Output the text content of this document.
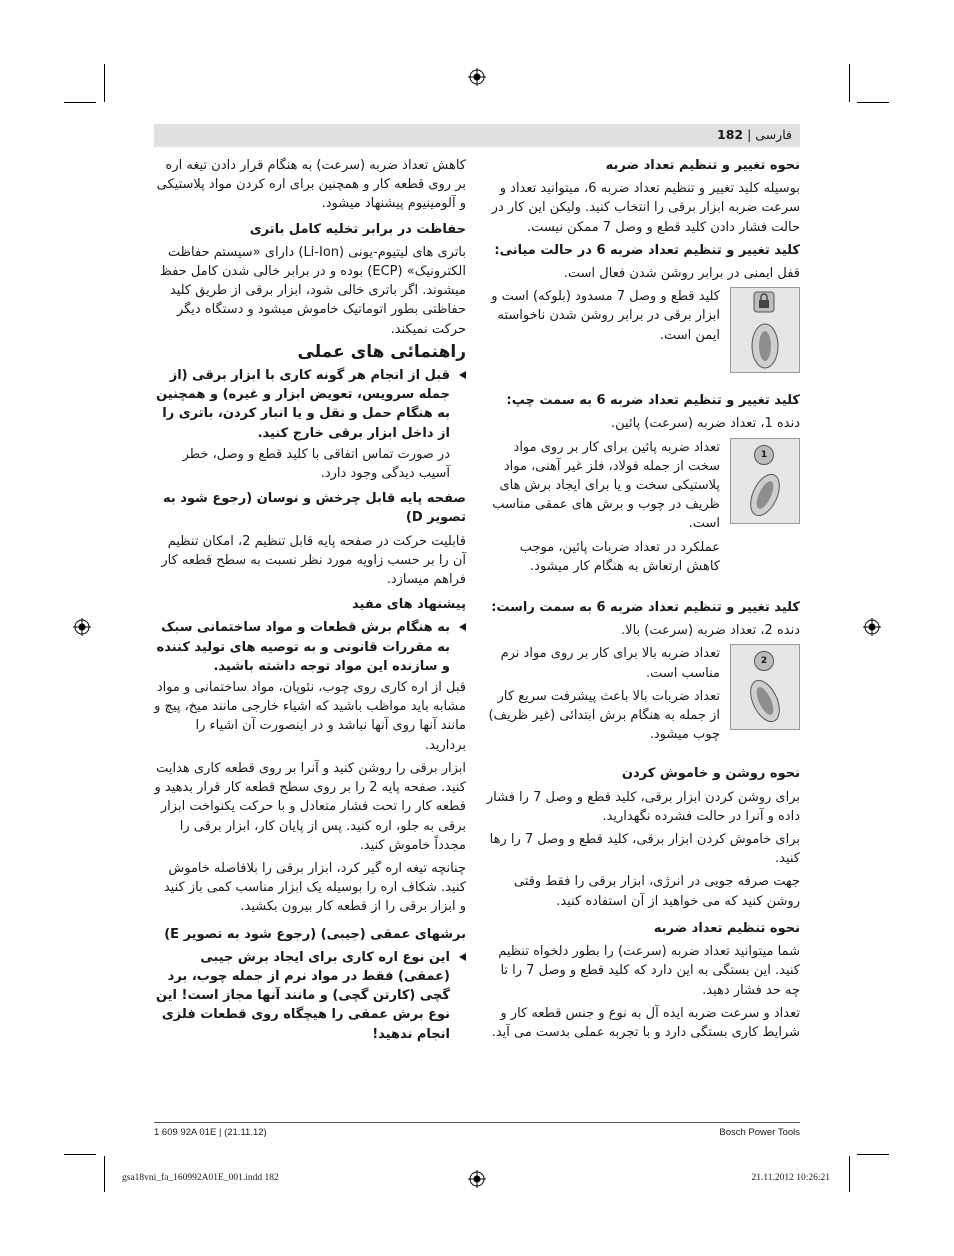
فارسی | 182

نحوه تغییر و تنظیم تعداد ضربه

بوسیله کلید تغییر و تنظیم تعداد ضربه 6، میتوانید تعداد و سرعت ضربه ابزار برقی را انتخاب کنید. ولیکن این کار در حالت فشار دادن کلید قطع و وصل 7 ممکن نیست.

کلید تغییر و تنظیم تعداد ضربه 6 در حالت میانی:

قفل ایمنی در برابر روشن شدن فعال است.

کلید قطع و وصل 7 مسدود (بلوکه) است و ابزار برقی در برابر روشن شدن ناخواسته ایمن است.

کلید تغییر و تنظیم تعداد ضربه 6 به سمت چپ:

دنده 1، تعداد ضربه (سرعت) پائین.

1

تعداد ضربه پائین برای کار بر روی مواد سخت از جمله فولاد، فلز غیر آهنی، مواد پلاستیکی سخت و یا برای ایجاد برش های ظریف در چوب و برش های عمقی مناسب است.

عملکرد در تعداد ضربات پائین، موجب کاهش ارتعاش به هنگام کار میشود.

کلید تغییر و تنظیم تعداد ضربه 6 به سمت راست:

دنده 2، تعداد ضربه (سرعت) بالا.

2

تعداد ضربه بالا برای کار بر روی مواد نرم مناسب است.

تعداد ضربات بالا باعث پیشرفت سریع کار از جمله به هنگام برش ابتدائی (غیر ظریف) چوب میشود.

نحوه روشن و خاموش کردن

برای روشن کردن ابزار برقی، کلید قطع و وصل 7 را فشار داده و آنرا در حالت فشرده نگهدارید.

برای خاموش کردن ابزار برقی، کلید قطع و وصل 7 را رها کنید.

جهت صرفه جویی در انرژی، ابزار برقی را فقط وقتی روشن کنید که می خواهید از آن استفاده کنید.

نحوه تنظیم تعداد ضربه

شما میتوانید تعداد ضربه (سرعت) را بطور دلخواه تنظیم کنید. این بستگی به این دارد که کلید قطع و وصل 7 را تا چه حد فشار دهید.

تعداد و سرعت ضربه ایده آل به نوع و جنس قطعه کار و شرایط کاری بستگی دارد و با تجربه عملی بدست می آید.

کاهش تعداد ضربه (سرعت) به هنگام قرار دادن تیغه اره بر روی قطعه کار و همچنین برای اره کردن مواد پلاستیکی و آلومینیوم پیشنهاد میشود.

حفاظت در برابر تخلیه کامل باتری

باتری های لیتیوم-یونی (Li-Ion) دارای «سیستم حفاظت الکترونیک» (ECP) بوده و در برابر خالی شدن کامل حفظ میشوند. اگر باتری خالی شود، ابزار برقی از طریق کلید حفاظتی بطور اتوماتیک خاموش میشود و دستگاه دیگر حرکت نمیکند.

راهنمائی های عملی

قبل از انجام هر گونه کاری با ابزار برقی (از جمله سرویس، تعویض ابزار و غیره) و همچنین به هنگام حمل و نقل و یا انبار کردن، باتری را از داخل ابزار برقی خارج کنید.

در صورت تماس اتفاقی با کلید قطع و وصل، خطر آسیب دیدگی وجود دارد.

صفحه پایه قابل چرخش و نوسان (رجوع شود به تصویر D)

قابلیت حرکت در صفحه پایه قابل تنظیم 2، امکان تنظیم آن را بر حسب زاویه مورد نظر نسبت به سطح قطعه کار فراهم میسازد.

پیشنهاد های مفید

به هنگام برش قطعات و مواد ساختمانی سبک به مقررات قانونی و به توصیه های تولید کننده و سازنده این مواد توجه داشته باشید.

قبل از اره کاری روی چوب، نئوپان، مواد ساختمانی و مواد مشابه باید مواظب باشید که اشیاء خارجی مانند میخ، پیچ و مانند آنها روی آنها نباشد و در اینصورت آن اشیاء را بردارید.

ابزار برقی را روشن کنید و آنرا بر روی قطعه کاری هدایت کنید. صفحه پایه 2 را بر روی سطح قطعه کار قرار بدهید و قطعه کار را تحت فشار متعادل و با حرکت یکنواخت ابزار برقی به جلو، اره کنید. پس از پایان کار، ابزار برقی را مجدداً خاموش کنید.

چنانچه تیغه اره گیر کرد، ابزار برقی را بلافاصله خاموش کنید. شکاف اره را بوسیله یک ابزار مناسب کمی باز کنید و ابزار برقی را از قطعه کار بیرون بکشید.

برشهای عمقی (جیبی) (رجوع شود به تصویر E)

این نوع اره کاری برای ایجاد برش جیبی (عمقی) فقط در مواد نرم از جمله چوب، برد گچی (کارتن گچی) و مانند آنها مجاز است! این نوع برش عمقی را هیچگاه روی قطعات فلزی انجام ندهید!
1 609 92A 01E | (21.11.12)	Bosch Power Tools
gsa18vni_fa_160992A01E_001.indd 182	21.11.2012 10:26:21
